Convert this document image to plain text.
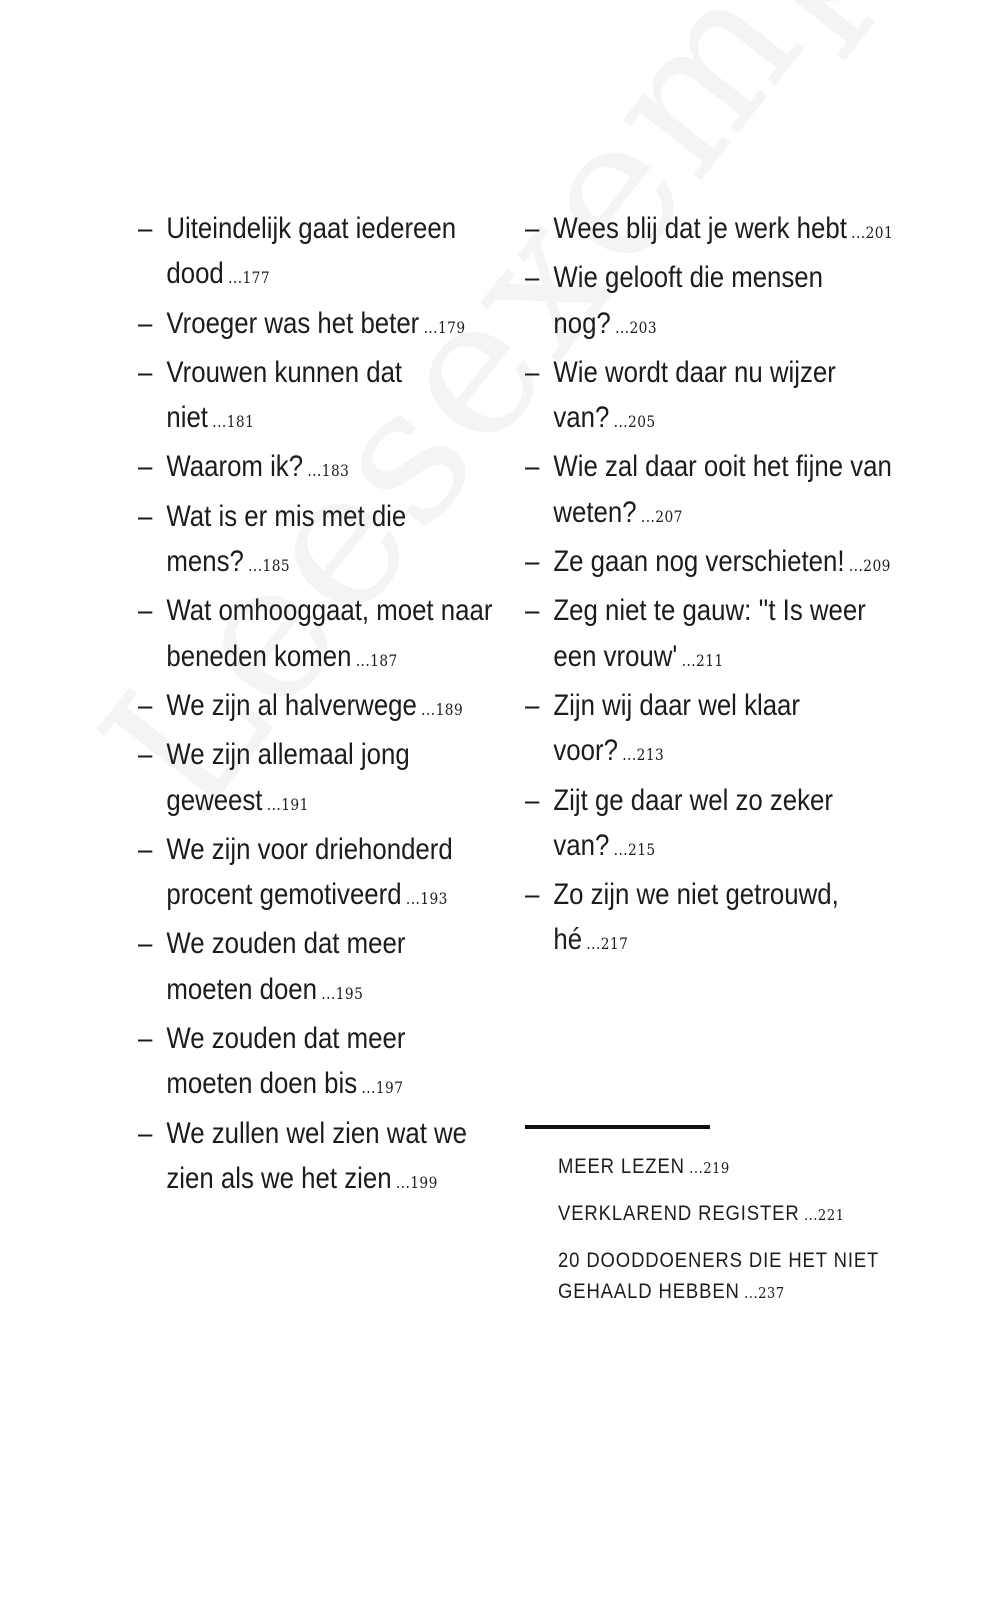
– Uiteindelijk gaat iedereen dood ...177
– Vroeger was het beter ...179
– Vrouwen kunnen dat niet ...181
– Waarom ik? ...183
– Wat is er mis met die mens? ...185
– Wat omhooggaat, moet naar beneden komen ...187
– We zijn al halverwege ...189
– We zijn allemaal jong geweest ...191
– We zijn voor driehonderd procent gemotiveerd ...193
– We zouden dat meer moeten doen ...195
– We zouden dat meer moeten doen bis ...197
– We zullen wel zien wat we zien als we het zien ...199
– Wees blij dat je werk hebt ...201
– Wie gelooft die mensen nog? ...203
– Wie wordt daar nu wijzer van? ...205
– Wie zal daar ooit het fijne van weten? ...207
– Ze gaan nog verschieten! ...209
– Zeg niet te gauw: ''t Is weer een vrouw' ...211
– Zijn wij daar wel klaar voor? ...213
– Zijt ge daar wel zo zeker van? ...215
– Zo zijn we niet getrouwd, hé ...217
MEER LEZEN ...219
VERKLAREND REGISTER ...221
20 DOODDOENERS DIE HET NIET GEHAALD HEBBEN ...237
